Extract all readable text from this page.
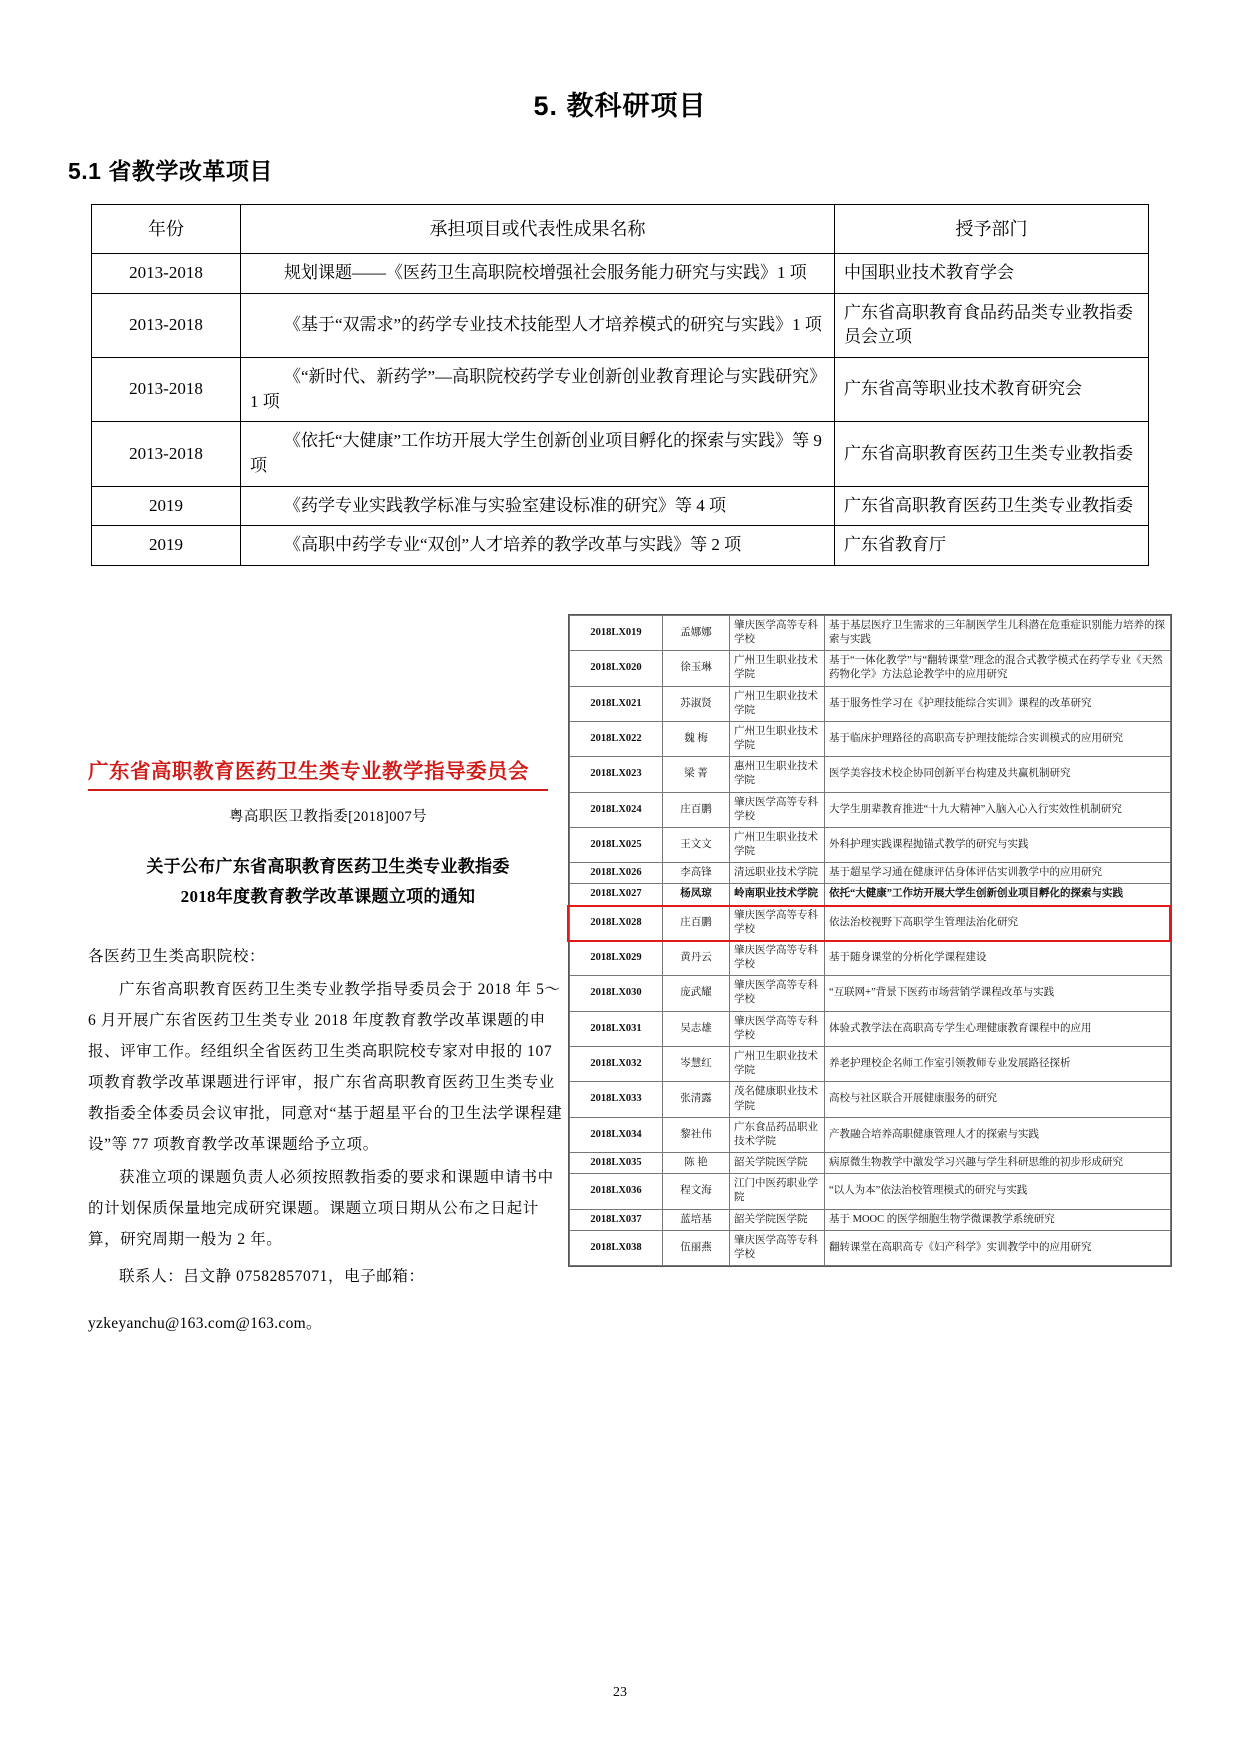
5. 教科研项目
5.1 省教学改革项目
年份	承担项目或代表性成果名称	授予部门
2013-2018	规划课题——《医药卫生高职院校增强社会服务能力研究与实践》1 项	中国职业技术教育学会
2013-2018	《基于“双需求”的药学专业技术技能型人才培养模式的研究与实践》1 项	广东省高职教育食品药品类专业教指委员会立项
2013-2018	《“新时代、新药学”—高职院校药学专业创新创业教育理论与实践研究》1 项	广东省高等职业技术教育研究会
2013-2018	《依托“大健康”工作坊开展大学生创新创业项目孵化的探索与实践》等 9 项	广东省高职教育医药卫生类专业教指委
2019	《药学专业实践教学标准与实验室建设标准的研究》等 4 项	广东省高职教育医药卫生类专业教指委
2019	《高职中药学专业“双创”人才培养的教学改革与实践》等 2 项	广东省教育厅
广东省高职教育医药卫生类专业教学指导委员会
粤高职医卫教指委[2018]007号
关于公布广东省高职教育医药卫生类专业教指委
2018年度教育教学改革课题立项的通知

各医药卫生类高职院校：

广东省高职教育医药卫生类专业教学指导委员会于 2018 年 5～6 月开展广东省医药卫生类专业 2018 年度教育教学改革课题的申报、评审工作。经组织全省医药卫生类高职院校专家对申报的 107 项教育教学改革课题进行评审，报广东省高职教育医药卫生类专业教指委全体委员会议审批，同意对“基于超星平台的卫生法学课程建设”等 77 项教育教学改革课题给予立项。

获准立项的课题负责人必须按照教指委的要求和课题申请书中的计划保质保量地完成研究课题。课题立项日期从公布之日起计算，研究周期一般为 2 年。

联系人：吕文静 07582857071，电子邮箱：

yzkeyanchu@163.com@163.com。

2018LX019	孟娜娜	肇庆医学高等专科学校	基于基层医疗卫生需求的三年制医学生儿科潜在危重症识别能力培养的探索与实践
2018LX020	徐玉琳	广州卫生职业技术学院	基于“一体化教学”与“翻转课堂”理念的混合式教学模式在药学专业《天然药物化学》方法总论教学中的应用研究
2018LX021	苏淑贤	广州卫生职业技术学院	基于服务性学习在《护理技能综合实训》课程的改革研究
2018LX022	魏 梅	广州卫生职业技术学院	基于临床护理路径的高职高专护理技能综合实训模式的应用研究
2018LX023	梁 菁	惠州卫生职业技术学院	医学美容技术校企协同创新平台构建及共赢机制研究
2018LX024	庄百鹏	肇庆医学高等专科学校	大学生朋辈教育推进“十九大精神”入脑入心入行实效性机制研究
2018LX025	王文文	广州卫生职业技术学院	外科护理实践课程抛锚式教学的研究与实践
2018LX026	李高锋	清远职业技术学院	基于超星学习通在健康评估身体评估实训教学中的应用研究
2018LX027	杨凤琼	岭南职业技术学院	依托“大健康”工作坊开展大学生创新创业项目孵化的探索与实践
2018LX028	庄百鹏	肇庆医学高等专科学校	依法治校视野下高职学生管理法治化研究
2018LX029	黄丹云	肇庆医学高等专科学校	基于随身课堂的分析化学课程建设
2018LX030	庞武耀	肇庆医学高等专科学校	“互联网+”背景下医药市场营销学课程改革与实践
2018LX031	吴志雄	肇庆医学高等专科学校	体验式教学法在高职高专学生心理健康教育课程中的应用
2018LX032	岑慧红	广州卫生职业技术学院	养老护理校企名师工作室引领教师专业发展路径探析
2018LX033	张清露	茂名健康职业技术学院	高校与社区联合开展健康服务的研究
2018LX034	黎社伟	广东食品药品职业技术学院	产教融合培养高职健康管理人才的探索与实践
2018LX035	陈 艳	韶关学院医学院	病原微生物教学中激发学习兴趣与学生科研思维的初步形成研究
2018LX036	程文海	江门中医药职业学院	“以人为本”依法治校管理模式的研究与实践
2018LX037	蓝培基	韶关学院医学院	基于 MOOC 的医学细胞生物学微课教学系统研究
2018LX038	伍丽燕	肇庆医学高等专科学校	翻转课堂在高职高专《妇产科学》实训教学中的应用研究
23
